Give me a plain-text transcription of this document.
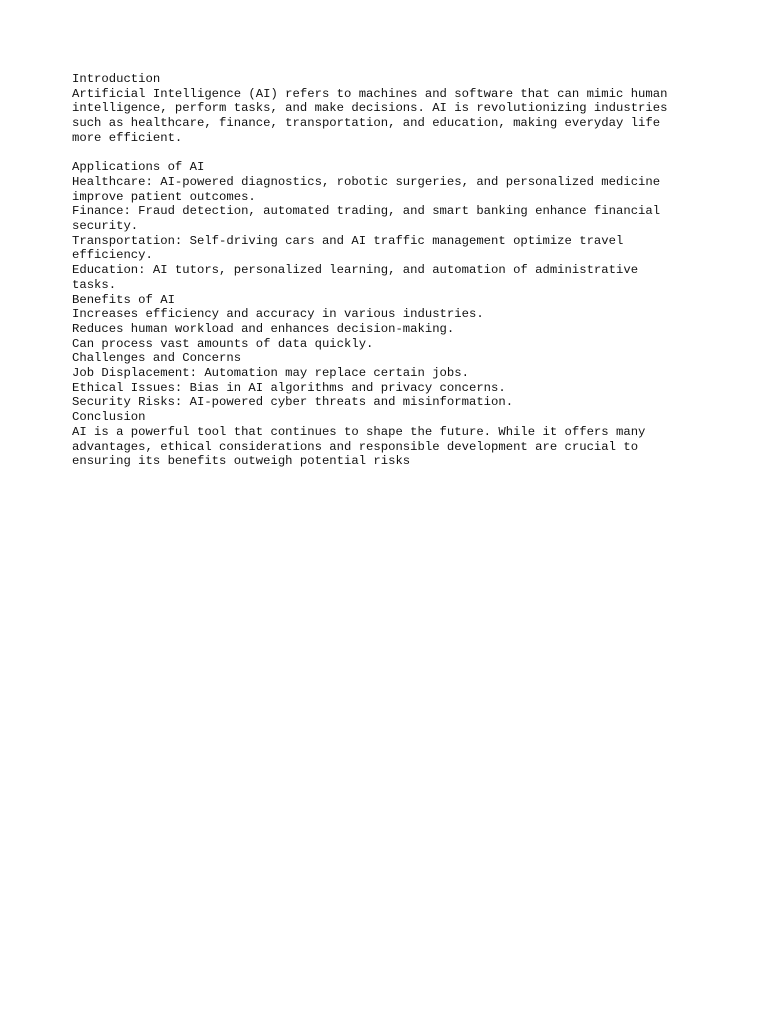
Introduction
Artificial Intelligence (AI) refers to machines and software that can mimic human
intelligence, perform tasks, and make decisions. AI is revolutionizing industries
such as healthcare, finance, transportation, and education, making everyday life
more efficient.
Applications of AI
Healthcare: AI-powered diagnostics, robotic surgeries, and personalized medicine
improve patient outcomes.
Finance: Fraud detection, automated trading, and smart banking enhance financial
security.
Transportation: Self-driving cars and AI traffic management optimize travel
efficiency.
Education: AI tutors, personalized learning, and automation of administrative
tasks.
Benefits of AI
Increases efficiency and accuracy in various industries.
Reduces human workload and enhances decision-making.
Can process vast amounts of data quickly.
Challenges and Concerns
Job Displacement: Automation may replace certain jobs.
Ethical Issues: Bias in AI algorithms and privacy concerns.
Security Risks: AI-powered cyber threats and misinformation.
Conclusion
AI is a powerful tool that continues to shape the future. While it offers many
advantages, ethical considerations and responsible development are crucial to
ensuring its benefits outweigh potential risks
